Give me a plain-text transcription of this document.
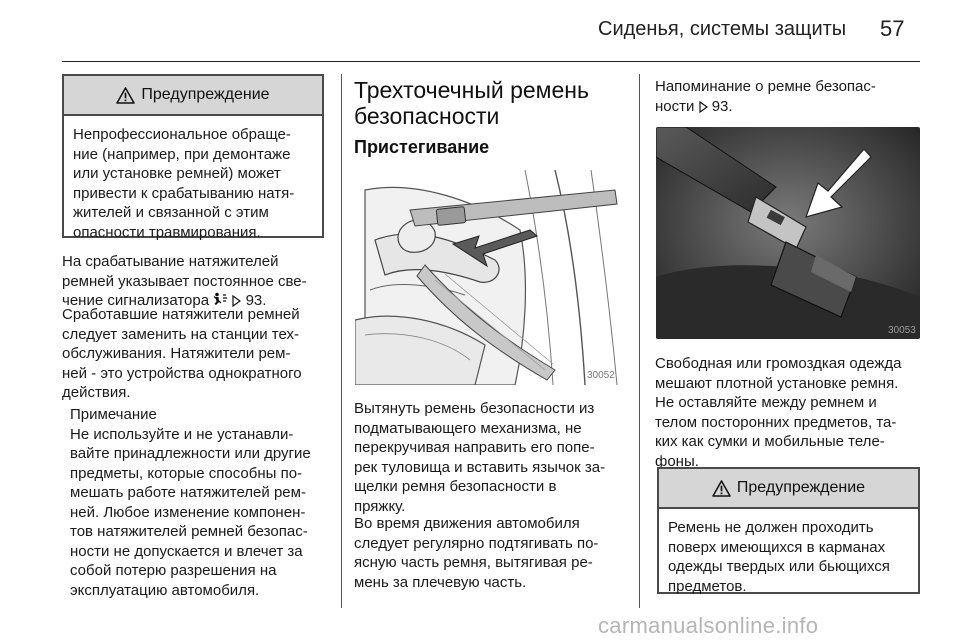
Сиденья, системы защиты 57
Предупреждение
Непрофессиональное обраще-
ние (например, при демонтаже
или установке ремней) может
привести к срабатыванию натя-
жителей и связанной с этим
опасности травмирования.
На срабатывание натяжителей
ремней указывает постоянное све-
чение сигнализатора 93.
Сработавшие натяжители ремней
следует заменить на станции тех-
обслуживания. Натяжители рем-
ней - это устройства однократного
действия.
Примечание
Не используйте и не устанавли-
вайте принадлежности или другие
предметы, которые способны по-
мешать работе натяжителей рем-
ней. Любое изменение компонен-
тов натяжителей ремней безопас-
ности не допускается и влечет за
собой потерю разрешения на
эксплуатацию автомобиля.
Трехточечный ремень
безопасности
Пристегивание
30052
Вытянуть ремень безопасности из
подматывающего механизма, не
перекручивая направить его попе-
рек туловища и вставить язычок за-
щелки ремня безопасности в
пряжку.
Во время движения автомобиля
следует регулярно подтягивать по-
ясную часть ремня, вытягивая ре-
мень за плечевую часть.
Напоминание о ремне безопас-
ности 93.
30053
Свободная или громоздкая одежда
мешают плотной установке ремня.
Не оставляйте между ремнем и
телом посторонних предметов, та-
ких как сумки и мобильные теле-
фоны.
Предупреждение
Ремень не должен проходить
поверх имеющихся в карманах
одежды твердых или бьющихся
предметов.
carmanualsonline.info
